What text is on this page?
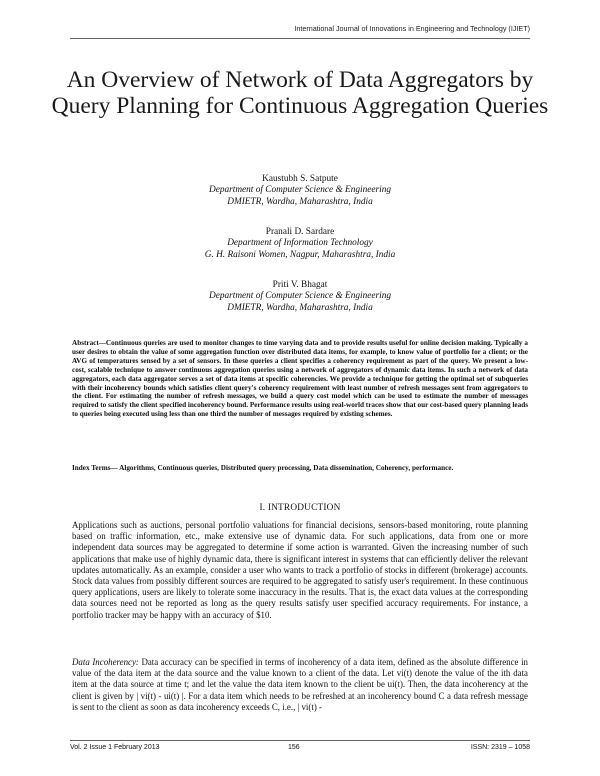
International Journal of Innovations in Engineering and Technology (IJIET)
An Overview of Network of Data Aggregators by Query Planning for Continuous Aggregation Queries
Kaustubh S. Satpute
Department of Computer Science & Engineering
DMIETR, Wardha, Maharashtra, India
Pranali D. Sardare
Department of Information Technology
G. H. Raisoni Women, Nagpur, Maharashtra, India
Priti V. Bhagat
Department of Computer Science & Engineering
DMIETR, Wardha, Maharashtra, India
Abstract—Continuous queries are used to monitor changes to time varying data and to provide results useful for online decision making. Typically a user desires to obtain the value of some aggregation function over distributed data items, for example, to know value of portfolio for a client; or the AVG of temperatures sensed by a set of sensors. In these queries a client specifies a coherency requirement as part of the query. We present a low-cost, scalable technique to answer continuous aggregation queries using a network of aggregators of dynamic data items. In such a network of data aggregators, each data aggregator serves a set of data items at specific coherencies. We provide a technique for getting the optimal set of subqueries with their incoherency bounds which satisfies client query's coherency requirement with least number of refresh messages sent from aggregators to the client. For estimating the number of refresh messages, we build a query cost model which can be used to estimate the number of messages required to satisfy the client specified incoherency bound. Performance results using real-world traces show that our cost-based query planning leads to queries being executed using less than one third the number of messages required by existing schemes.
Index Terms— Algorithms, Continuous queries, Distributed query processing, Data dissemination, Coherency, performance.
I. INTRODUCTION

Applications such as auctions, personal portfolio valuations for financial decisions, sensors-based monitoring, route planning based on traffic information, etc., make extensive use of dynamic data. For such applications, data from one or more independent data sources may be aggregated to determine if some action is warranted. Given the increasing number of such applications that make use of highly dynamic data, there is significant interest in systems that can efficiently deliver the relevant updates automatically. As an example, consider a user who wants to track a portfolio of stocks in different (brokerage) accounts. Stock data values from possibly different sources are required to be aggregated to satisfy user's requirement. In these continuous query applications, users are likely to tolerate some inaccuracy in the results. That is, the exact data values at the corresponding data sources need not be reported as long as the query results satisfy user specified accuracy requirements. For instance, a portfolio tracker may be happy with an accuracy of $10.

Data Incoherency: Data accuracy can be specified in terms of incoherency of a data item, defined as the absolute difference in value of the data item at the data source and the value known to a client of the data. Let vi(t) denote the value of the ith data item at the data source at time t; and let the value the data item known to the client be ui(t). Then, the data incoherency at the client is given by | vi(t) - ui(t) |. For a data item which needs to be refreshed at an incoherency bound C a data refresh message is sent to the client as soon as data incoherency exceeds C, i.e., | vi(t) -

Vol. 2 Issue 1 February 2013	156	ISSN: 2319 – 1058
